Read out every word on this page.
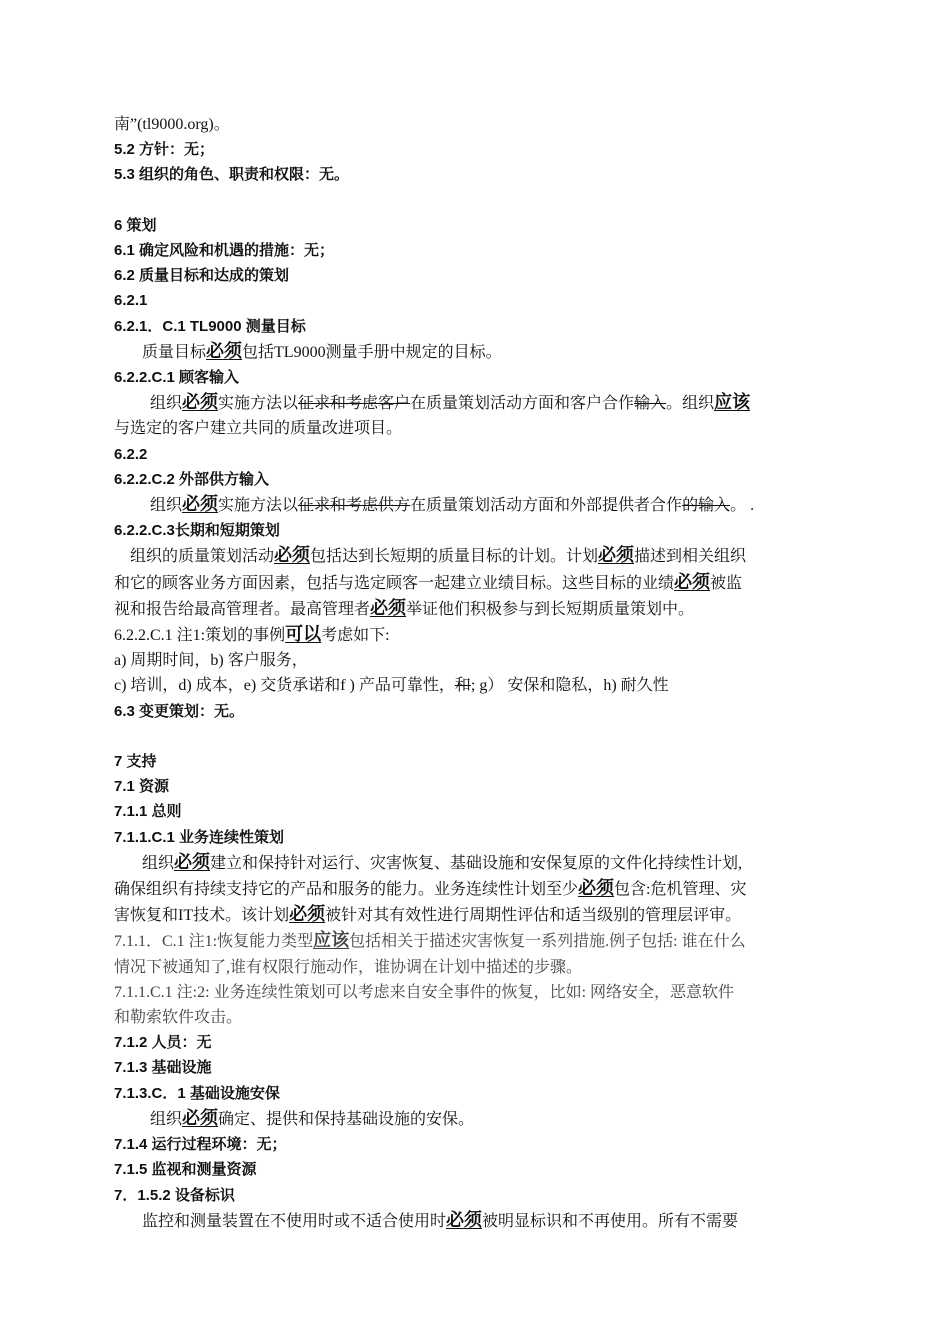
南”(tl9000.org)。
5.2 方针：无；
5.3 组织的角色、职责和权限：无。
6 策划
6.1 确定风险和机遇的措施：无；
6.2 质量目标和达成的策划
6.2.1
6.2.1．C.1 TL9000 测量目标
质量目标必须包括TL9000测量手册中规定的目标。
6.2.2.C.1 顾客输入
组织必须实施方法以征求和考虑客户在质量策划活动方面和客户合作输入。组织应该
与选定的客户建立共同的质量改进项目。
6.2.2
6.2.2.C.2 外部供方输入
组织必须实施方法以征求和考虑供方在质量策划活动方面和外部提供者合作的输入。 .
6.2.2.C.3长期和短期策划
组织的质量策划活动必须包括达到长短期的质量目标的计划。计划必须描述到相关组织
和它的顾客业务方面因素，包括与选定顾客一起建立业绩目标。这些目标的业绩必须被监
视和报告给最高管理者。最高管理者必须举证他们积极参与到长短期质量策划中。
6.2.2.C.1 注1:策划的事例可以考虑如下:
a) 周期时间，b) 客户服务，
c) 培训，d) 成本，e) 交货承诺和f ) 产品可靠性，和; g） 安保和隐私，h) 耐久性
6.3 变更策划：无。
7 支持
7.1 资源
7.1.1 总则
7.1.1.C.1 业务连续性策划
组织必须建立和保持针对运行、灾害恢复、基础设施和安保复原的文件化持续性计划,
确保组织有持续支持它的产品和服务的能力。业务连续性计划至少必须包含:危机管理、灾
害恢复和IT技术。该计划必须被针对其有效性进行周期性评估和适当级别的管理层评审。
7.1.1．C.1 注1:恢复能力类型应该包括相关于描述灾害恢复一系列措施.例子包括: 谁在什么
情况下被通知了,谁有权限行施动作，谁协调在计划中描述的步骤。
7.1.1.C.1 注:2: 业务连续性策划可以考虑来自安全事件的恢复，比如: 网络安全，恶意软件
和勒索软件攻击。
7.1.2 人员：无
7.1.3 基础设施
7.1.3.C．1 基础设施安保
组织必须确定、提供和保持基础设施的安保。
7.1.4 运行过程环境：无；
7.1.5 监视和测量资源
7．1.5.2 设备标识
监控和测量装置在不使用时或不适合使用时必须被明显标识和不再使用。所有不需要
